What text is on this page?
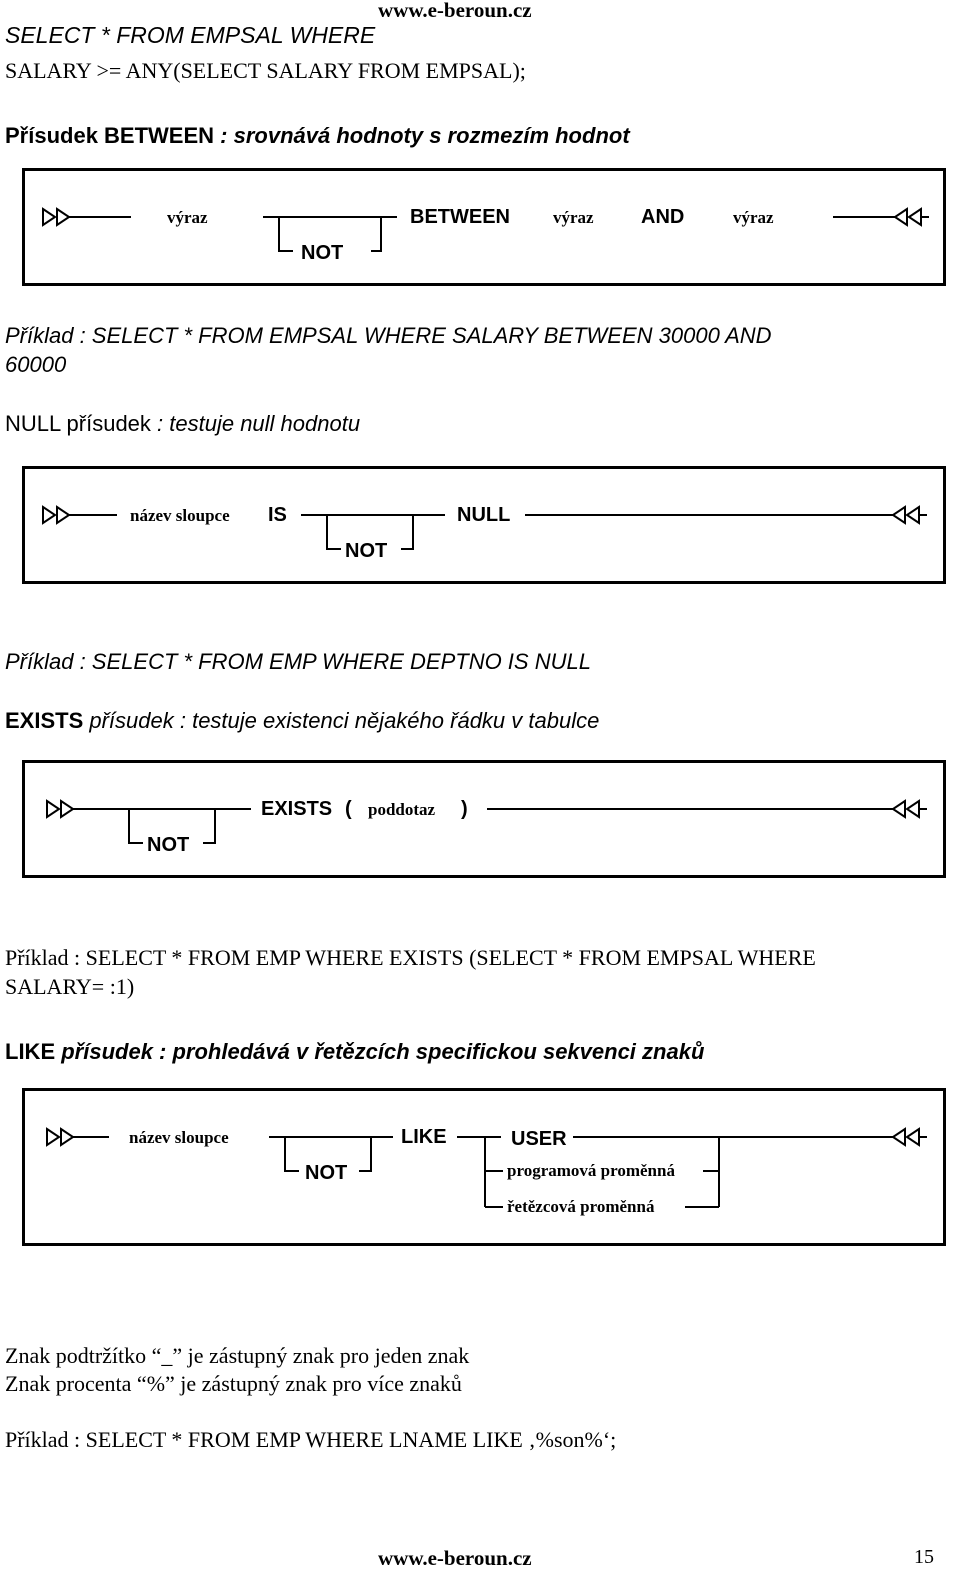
www.e-beroun.cz
SELECT * FROM EMPSAL WHERE
SALARY >= ANY(SELECT SALARY FROM EMPSAL);
Přísudek BETWEEN : srovnává hodnoty s rozmezím hodnot
výraz
NOT
BETWEEN	výraz AND	výraz
Příklad : SELECT * FROM EMPSAL WHERE SALARY BETWEEN 30000 AND
60000
NULL přísudek : testuje null hodnotu
název sloupce IS
NOT
NULL
Příklad : SELECT * FROM EMP WHERE DEPTNO IS NULL
EXISTS přísudek : testuje existenci nějakého řádku v tabulce
NOT
EXISTS ( poddotaz )
Příklad : SELECT * FROM EMP WHERE EXISTS (SELECT * FROM EMPSAL WHERE
SALARY= :1)
LIKE přísudek : prohledává v řetězcích specifickou sekvenci znaků
název sloupce
NOT
LIKE	USER
programová proměnná
řetězcová proměnná
Znak podtržítko “_” je zástupný znak pro jeden znak
Znak procenta “%” je zástupný znak pro více znaků
Příklad : SELECT * FROM EMP WHERE LNAME LIKE ‚%son%‘;
www.e-beroun.cz	15
